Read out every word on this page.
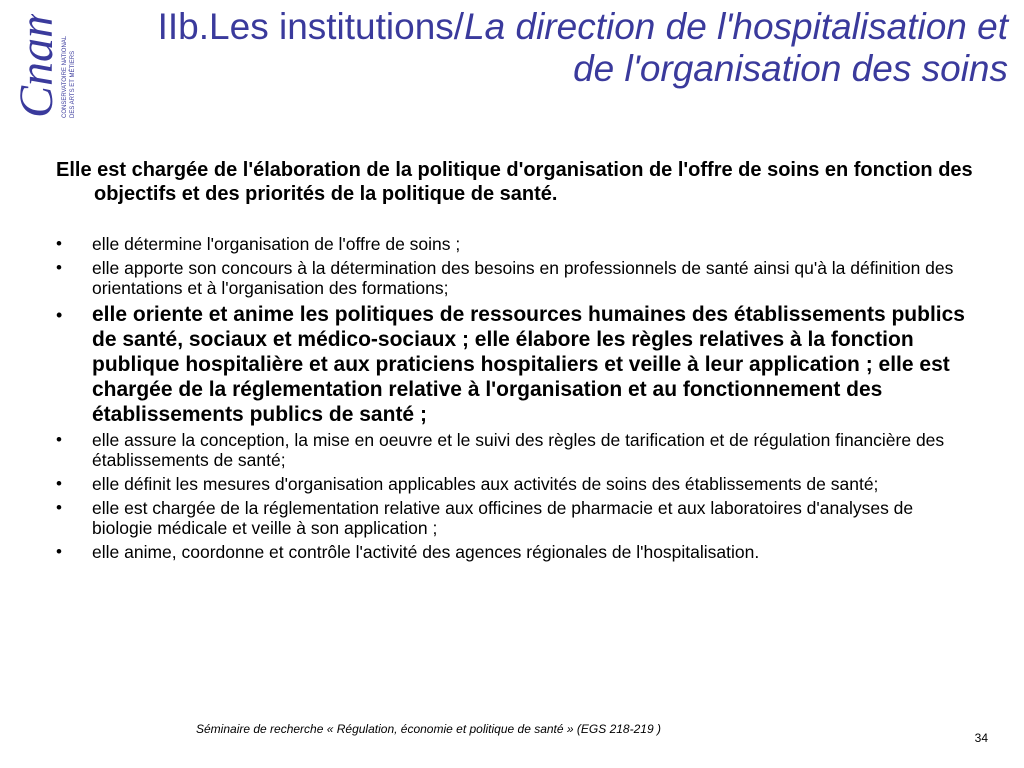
Cnam CONSERVATOIRE NATIONAL DES ARTS ET MÉTIERS
IIb.Les institutions/La direction de l'hospitalisation et de l'organisation des soins

Elle est chargée de l'élaboration de la politique d'organisation de l'offre de soins en fonction des objectifs et des priorités de la politique de santé.

• elle détermine l'organisation de l'offre de soins ;
• elle apporte son concours à la détermination des besoins en professionnels de santé ainsi qu'à la définition des orientations et à l'organisation des formations;
• elle oriente et anime les politiques de ressources humaines des établissements publics de santé, sociaux et médico-sociaux ; elle élabore les règles relatives à la fonction publique hospitalière et aux praticiens hospitaliers et veille à leur application ; elle est chargée de la réglementation relative à l'organisation et au fonctionnement des établissements publics de santé ;
• elle assure la conception, la mise en oeuvre et le suivi des règles de tarification et de régulation financière des établissements de santé;
• elle définit les mesures d'organisation applicables aux activités de soins des établissements de santé;
• elle est chargée de la réglementation relative aux officines de pharmacie et aux laboratoires d'analyses de biologie médicale et veille à son application ;
• elle anime, coordonne et contrôle l'activité des agences régionales de l'hospitalisation.
Séminaire de recherche « Régulation, économie et politique de santé » (EGS 218-219 )
34
